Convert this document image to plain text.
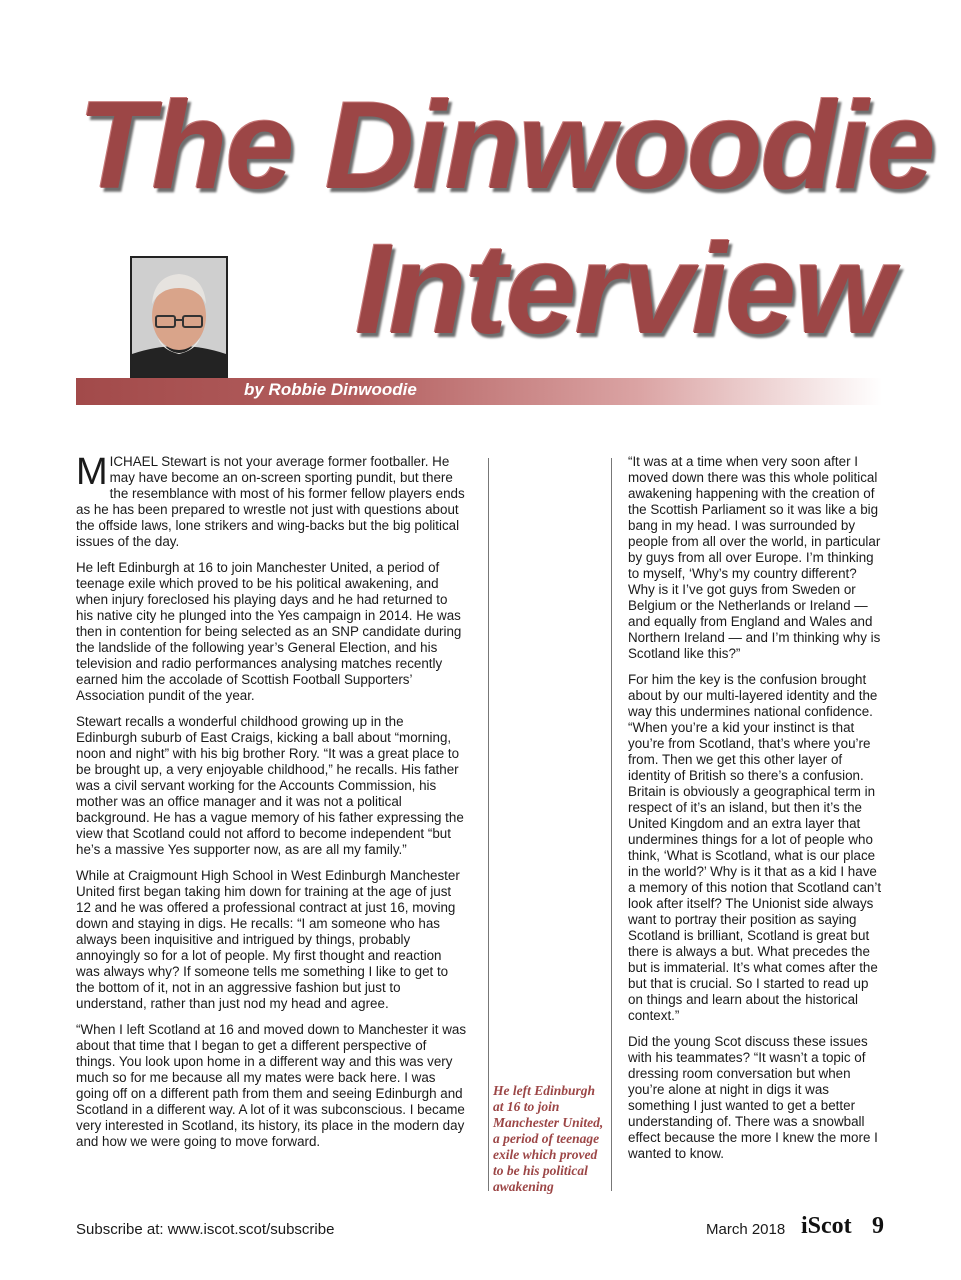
The Dinwoodie
Interview
by Robbie Dinwoodie

MICHAEL Stewart is not your average former footballer. He may have become an on-screen sporting pundit, but there the resemblance with most of his former fellow players ends as he has been prepared to wrestle not just with questions about the offside laws, lone strikers and wing-backs but the big political issues of the day.

He left Edinburgh at 16 to join Manchester United, a period of teenage exile which proved to be his political awakening, and when injury foreclosed his playing days and he had returned to his native city he plunged into the Yes campaign in 2014. He was then in contention for being selected as an SNP candidate during the landslide of the following year’s General Election, and his television and radio performances analysing matches recently earned him the accolade of Scottish Football Supporters’ Association pundit of the year.

Stewart recalls a wonderful childhood growing up in the Edinburgh suburb of East Craigs, kicking a ball about “morning, noon and night” with his big brother Rory. “It was a great place to be brought up, a very enjoyable childhood,” he recalls. His father was a civil servant working for the Accounts Commission, his mother was an office manager and it was not a political background. He has a vague memory of his father expressing the view that Scotland could not afford to become independent “but he’s a massive Yes supporter now, as are all my family.”

While at Craigmount High School in West Edinburgh Manchester United first began taking him down for training at the age of just 12 and he was offered a professional contract at just 16, moving down and staying in digs. He recalls: “I am someone who has always been inquisitive and intrigued by things, probably annoyingly so for a lot of people. My first thought and reaction was always why? If someone tells me something I like to get to the bottom of it, not in an aggressive fashion but just to understand, rather than just nod my head and agree.

“When I left Scotland at 16 and moved down to Manchester it was about that time that I began to get a different perspective of things. You look upon home in a different way and this was very much so for me because all my mates were back here. I was going off on a different path from them and seeing Edinburgh and Scotland in a different way. A lot of it was subconscious. I became very interested in Scotland, its history, its place in the modern day and how we were going to move forward.

He left Edinburgh at 16 to join Manchester United, a period of teenage exile which proved to be his political awakening

“It was at a time when very soon after I moved down there was this whole political awakening happening with the creation of the Scottish Parliament so it was like a big bang in my head. I was surrounded by people from all over the world, in particular by guys from all over Europe. I’m thinking to myself, ‘Why’s my country different? Why is it I’ve got guys from Sweden or Belgium or the Netherlands or Ireland — and equally from England and Wales and Northern Ireland — and I’m thinking why is Scotland like this?”

For him the key is the confusion brought about by our multi-layered identity and the way this undermines national confidence. “When you’re a kid your instinct is that you’re from Scotland, that’s where you’re from. Then we get this other layer of identity of British so there’s a confusion. Britain is obviously a geographical term in respect of it’s an island, but then it’s the United Kingdom and an extra layer that undermines things for a lot of people who think, ‘What is Scotland, what is our place in the world?’ Why is it that as a kid I have a memory of this notion that Scotland can’t look after itself? The Unionist side always want to portray their position as saying Scotland is brilliant, Scotland is great but there is always a but. What precedes the but is immaterial. It’s what comes after the but that is crucial. So I started to read up on things and learn about the historical context.”

Did the young Scot discuss these issues with his teammates? “It wasn’t a topic of dressing room conversation but when you’re alone at night in digs it was something I just wanted to get a better understanding of. There was a snowball effect because the more I knew the more I wanted to know.

Subscribe at: www.iscot.scot/subscribe	March 2018 iScot 9
